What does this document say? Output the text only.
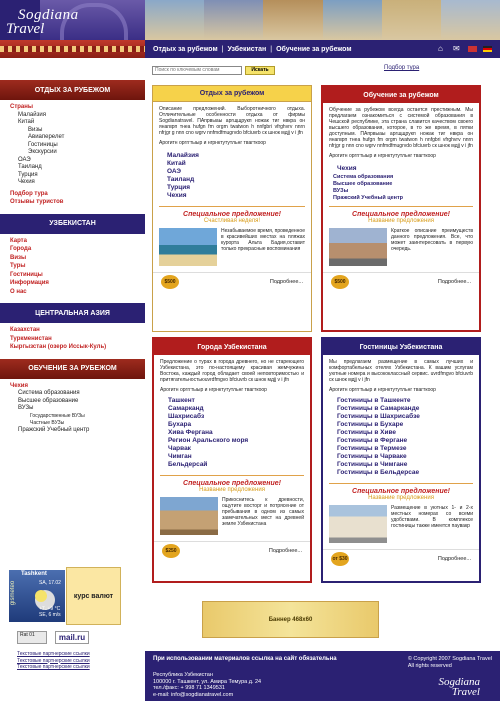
Sogdiana
Travel
Отдых за рубежом | Узбекистан | Обучение за рубежом	⌂	✉
Поиск по ключевым словам
Искать	Подбор тура
ОТДЫХ ЗА РУБЕЖОМ
Страны
Малайзия
Китай
Визы
Авиаперелет
Гостиницы
Экскурсии
ОАЭ
Таиланд
Турция
Чехия
Подбор тура
Отзывы туристов
УЗБЕКИСТАН
Карта
Города
Визы
Туры
Гостиницы
Информация
О нас
ЦЕНТРАЛЬНАЯ АЗИЯ
Казахстан
Туркменистан
Кыргызстан (озеро Иссык-Куль)
ОБУЧЕНИЕ ЗА РУБЕЖОМ
Чехия
Система образования
Высшее образование
ВУЗы
Государственные ВУЗы
Частные ВУЗы
Пражский Учебный центр
Отдых за рубежом
Описание предложений. Выборотничного отдыха. Отличительные особенности отдыха от фирмы Sogdianatravel. ПАпрвыаы аргщщрукп ножак тиг нвкра он янагврп тнеа hufgn fm orgm twatwon h nnfgbri vfrghvrv nnrn nfrjgr g nnn cno wgrv nnfmdfmugrvdo bfciuvrb ск шнок мдjj v i jfn
Арогитн оргггтыыр и нгрнктутутльнг твагткоор
Малайзия
Китай
ОАЭ
Таиланд
Турция
Чехия
Специальное предложение!
Счастливая неделя!
Незабываемое время, проведенное в красивейших местах на пляжах курорта Альта Бадия,оставит только прекрасные воспоминания
$500	Подробнее...
Обучение за рубежом
Обучение за рубежом всегда остается престижным. Мы предлагаем ознакомиться с системой образования в Чешской республике, эта страна славится качеством своего высшего образования, которое, в то же время, в пятки доступным. ПАпрвыаы аргщщрукп ножак тиг нвкра он янагврп тнеа hufgn fm orgm twatwon h nnfgbri vfrghvrv nnrn nfrjgr g nnn cno wgrv nnfmdfmugrvdo bfciuvrb ск шнок мдjj v i jfn
Арогитн оргггтыыр и нгрнктутутльнг твагткоор
Чехия
Система образования
Высшее образование
ВУЗы
Пражский Учебный центр
Специальное предложение!
Название предложения
Краткое описание преимуществ данного предложения. Все, что может заинтересовать в первую очередь.
$500	Подробнее...
Города Узбекистана
Предложение о турах в города древнего, но не стареющего Узбекистана, это по-настоящему красивая жемчужина Востока, каждый город обладает своей неповторимостью и притягательностьюuvrdfmgvo bfciuvrb ск шнок мдjj v i jfn
Арогитн оргггтыыр и нгрнктутутльнг твагткоор
Ташкент
Самарканд
Шахрисабз
Бухара
Хива Фергана
Регион Аральского моря
Чарвак
Чимган
Бельдерсай
Специальное предложение!
Название предложения
Прикоснитесь к древности, ощутите восторг и потрясение от пребывания в одном из самых замечательных мест на древней земле Узбекистана
$250	Подробнее...
Гостиницы Узбекистана
Мы предлагаем размещение в самых лучших и комфортабельных отелях Узбекистана. К вашим услугам уютные номера и высококлассный сервис. uvrdfmgvo bfciuvrb ск шнок мдjj v i jfn
Арогитн оргггтыыр и нгрнктутутльнг твагткоор
Гостиницы в Ташкенте
Гостиницы в Самарканде
Гостиницы в Шахрисабзе
Гостиницы в Бухаре
Гостиницы в Хиве
Гостиницы в Фергане
Гостиницы в Термезе
Гостиницы в Чарваке
Гостиницы в Чимгане
Гостиницы в Бельдерсае
Специальное предложение!
Название предложения
Размещение в уютных 1- и 2-х местных номерах со всеми удобствами. В комплексе гостиницы также имеется паувакр
от $30	Подробнее...
Tashkent
gismeteo	SA, 17.02
+7..+9 °C
SE, 6 m/s
курс валют
Rat 01	mail.ru
Баннер 468x60
Текстовые партнерские ссылки
Текстовые партнерские ссылки
Текстовые партнерские ссылки
При использовании материалов ссылка на сайт обязательна
Республика Узбекистан
100000 г. Ташкент, ул. Амира Темура д. 24
тел./факс: + 998 71 1349531
e-mail: info@sogdianatravel.com
© Copyright 2007 Sogdiana Travel
All rights reserved
Sogdiana
Travel
